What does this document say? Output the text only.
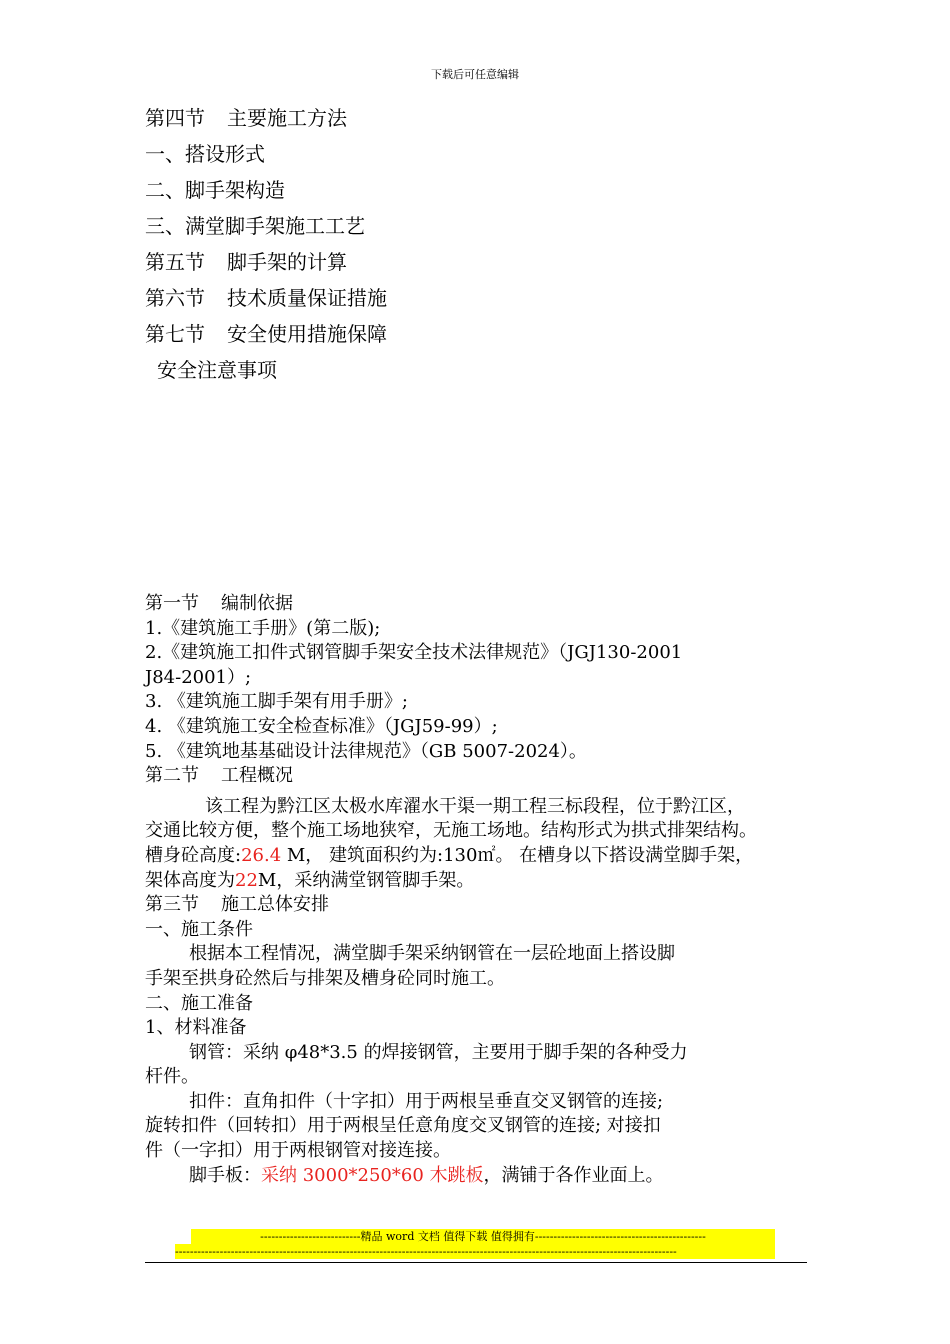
下载后可任意编辑
第四节 主要施工方法
一、搭设形式
二、脚手架构造
三、满堂脚手架施工工艺
第五节 脚手架的计算
第六节 技术质量保证措施
第七节 安全使用措施保障
安全注意事项
第一节 编制依据
1.《建筑施工手册》(第二版);
2.《建筑施工扣件式钢管脚手架安全技术法律规范》（JGJ130-2001
J84-2001）;
3. 《建筑施工脚手架有用手册》;
4. 《建筑施工安全检查标准》（JGJ59-99）;
5. 《建筑地基基础设计法律规范》（GB 5007-2024）。
第二节 工程概况
该工程为黔江区太极水库濯水干渠一期工程三标段程，位于黔江区，
交通比较方便，整个施工场地狭窄，无施工场地。结构形式为拱式排架结构。
槽身砼高度:26.4 M， 建筑面积约为:130㎡。 在槽身以下搭设满堂脚手架，
架体高度为22M，采纳满堂钢管脚手架。
第三节 施工总体安排
一、施工条件
根据本工程情况，满堂脚手架采纳钢管在一层砼地面上搭设脚
手架至拱身砼然后与排架及槽身砼同时施工。
二、施工准备
1、材料准备
钢管：采纳 φ48*3.5 的焊接钢管，主要用于脚手架的各种受力
杆件。
扣件：直角扣件（十字扣）用于两根呈垂直交叉钢管的连接;
旋转扣件（回转扣）用于两根呈任意角度交叉钢管的连接; 对接扣
件（一字扣）用于两根钢管对接连接。
脚手板：采纳 3000*250*60 木跳板，满铺于各作业面上。
---------------------------精品 word 文档 值得下载 值得拥有----------------------------------------------
---------------------------------------------------------------------------------------------------------------------------------------
